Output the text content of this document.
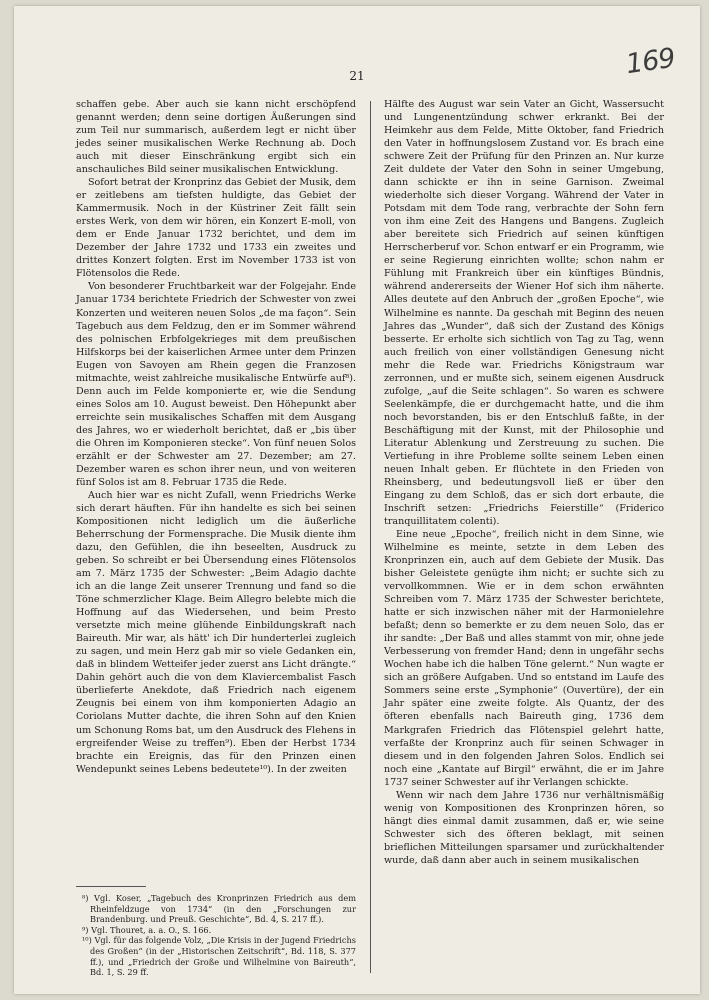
21	169

schaffen gebe. Aber auch sie kann nicht erschöpfend genannt werden; denn seine dortigen Äußerungen sind zum Teil nur summarisch, außerdem legt er nicht über jedes seiner musikalischen Werke Rechnung ab. Doch auch mit dieser Einschränkung ergibt sich ein anschauliches Bild seiner musikalischen Entwicklung.

Sofort betrat der Kronprinz das Gebiet der Musik, dem er zeitlebens am tiefsten huldigte, das Gebiet der Kammermusik. Noch in der Küstriner Zeit fällt sein erstes Werk, von dem wir hören, ein Konzert E-moll, von dem er Ende Januar 1732 berichtet, und dem im Dezember der Jahre 1732 und 1733 ein zweites und drittes Konzert folgten. Erst im November 1733 ist von Flötensolos die Rede.

Von besonderer Fruchtbarkeit war der Folgejahr. Ende Januar 1734 berichtete Friedrich der Schwester von zwei Konzerten und weiteren neuen Solos „de ma façon“. Sein Tagebuch aus dem Feldzug, den er im Sommer während des polnischen Erbfolgekrieges mit dem preußischen Hilfskorps bei der kaiserlichen Armee unter dem Prinzen Eugen von Savoyen am Rhein gegen die Franzosen mitmachte, weist zahlreiche musikalische Entwürfe auf⁸). Denn auch im Felde komponierte er, wie die Sendung eines Solos am 10. August beweist. Den Höhepunkt aber erreichte sein musikalisches Schaffen mit dem Ausgang des Jahres, wo er wiederholt berichtet, daß er „bis über die Ohren im Komponieren stecke“. Von fünf neuen Solos erzählt er der Schwester am 27. Dezember; am 27. Dezember waren es schon ihrer neun, und von weiteren fünf Solos ist am 8. Februar 1735 die Rede.

Auch hier war es nicht Zufall, wenn Friedrichs Werke sich derart häuften. Für ihn handelte es sich bei seinen Kompositionen nicht lediglich um die äußerliche Beherrschung der Formensprache. Die Musik diente ihm dazu, den Gefühlen, die ihn beseelten, Ausdruck zu geben. So schreibt er bei Übersendung eines Flötensolos am 7. März 1735 der Schwester: „Beim Adagio dachte ich an die lange Zeit unserer Trennung und fand so die Töne schmerzlicher Klage. Beim Allegro belebte mich die Hoffnung auf das Wiedersehen, und beim Presto versetzte mich meine glühende Einbildungskraft nach Baireuth. Mir war, als hätt' ich Dir hunderterlei zugleich zu sagen, und mein Herz gab mir so viele Gedanken ein, daß in blindem Wetteifer jeder zuerst ans Licht drängte.“ Dahin gehört auch die von dem Klaviercembalist Fasch überlieferte Anekdote, daß Friedrich nach eigenem Zeugnis bei einem von ihm komponierten Adagio an Coriolans Mutter dachte, die ihren Sohn auf den Knien um Schonung Roms bat, um den Ausdruck des Flehens in ergreifender Weise zu treffen⁹). Eben der Herbst 1734 brachte ein Ereignis, das für den Prinzen einen Wendepunkt seines Lebens bedeutete¹⁰). In der zweiten

Hälfte des August war sein Vater an Gicht, Wassersucht und Lungenentzündung schwer erkrankt. Bei der Heimkehr aus dem Felde, Mitte Oktober, fand Friedrich den Vater in hoffnungslosem Zustand vor. Es brach eine schwere Zeit der Prüfung für den Prinzen an. Nur kurze Zeit duldete der Vater den Sohn in seiner Umgebung, dann schickte er ihn in seine Garnison. Zweimal wiederholte sich dieser Vorgang. Während der Vater in Potsdam mit dem Tode rang, verbrachte der Sohn fern von ihm eine Zeit des Hangens und Bangens. Zugleich aber bereitete sich Friedrich auf seinen künftigen Herrscherberuf vor. Schon entwarf er ein Programm, wie er seine Regierung einrichten wollte; schon nahm er Fühlung mit Frankreich über ein künftiges Bündnis, während andererseits der Wiener Hof sich ihm näherte. Alles deutete auf den Anbruch der „großen Epoche“, wie Wilhelmine es nannte. Da geschah mit Beginn des neuen Jahres das „Wunder“, daß sich der Zustand des Königs besserte. Er erholte sich sichtlich von Tag zu Tag, wenn auch freilich von einer vollständigen Genesung nicht mehr die Rede war. Friedrichs Königstraum war zerronnen, und er mußte sich, seinem eigenen Ausdruck zufolge, „auf die Seite schlagen“. So waren es schwere Seelenkämpfe, die er durchgemacht hatte, und die ihm noch bevorstanden, bis er den Entschluß faßte, in der Beschäftigung mit der Kunst, mit der Philosophie und Literatur Ablenkung und Zerstreuung zu suchen. Die Vertiefung in ihre Probleme sollte seinem Leben einen neuen Inhalt geben. Er flüchtete in den Frieden von Rheinsberg, und bedeutungsvoll ließ er über den Eingang zu dem Schloß, das er sich dort erbaute, die Inschrift setzen: „Friedrichs Feierstille“ (Friderico tranquillitatem colenti).

Eine neue „Epoche“, freilich nicht in dem Sinne, wie Wilhelmine es meinte, setzte in dem Leben des Kronprinzen ein, auch auf dem Gebiete der Musik. Das bisher Geleistete genügte ihm nicht; er suchte sich zu vervollkommnen. Wie er in dem schon erwähnten Schreiben vom 7. März 1735 der Schwester berichtete, hatte er sich inzwischen näher mit der Harmonielehre befaßt; denn so bemerkte er zu dem neuen Solo, das er ihr sandte: „Der Baß und alles stammt von mir, ohne jede Verbesserung von fremder Hand; denn in ungefähr sechs Wochen habe ich die halben Töne gelernt.“ Nun wagte er sich an größere Aufgaben. Und so entstand im Laufe des Sommers seine erste „Symphonie“ (Ouvertüre), der ein Jahr später eine zweite folgte. Als Quantz, der des öfteren ebenfalls nach Baireuth ging, 1736 dem Markgrafen Friedrich das Flötenspiel gelehrt hatte, verfaßte der Kronprinz auch für seinen Schwager in diesem und in den folgenden Jahren Solos. Endlich sei noch eine „Kantate auf Birgil“ erwähnt, die er im Jahre 1737 seiner Schwester auf ihr Verlangen schickte.

Wenn wir nach dem Jahre 1736 nur verhältnismäßig wenig von Kompositionen des Kronprinzen hören, so hängt dies einmal damit zusammen, daß er, wie seine Schwester sich des öfteren beklagt, mit seinen brieflichen Mitteilungen sparsamer und zurückhaltender wurde, daß dann aber auch in seinem musikalischen

⁸) Vgl. Koser, „Tagebuch des Kronprinzen Friedrich aus dem Rheinfeldzuge von 1734“ (in den „Forschungen zur Brandenburg. und Preuß. Geschichte“, Bd. 4, S. 217 ff.).

⁹) Vgl. Thouret, a. a. O., S. 166.

¹⁰) Vgl. für das folgende Volz, „Die Krisis in der Jugend Friedrichs des Großen“ (in der „Historischen Zeitschrift“, Bd. 118, S. 377 ff.), und „Friedrich der Große und Wilhelmine von Baireuth“, Bd. 1, S. 29 ff.
